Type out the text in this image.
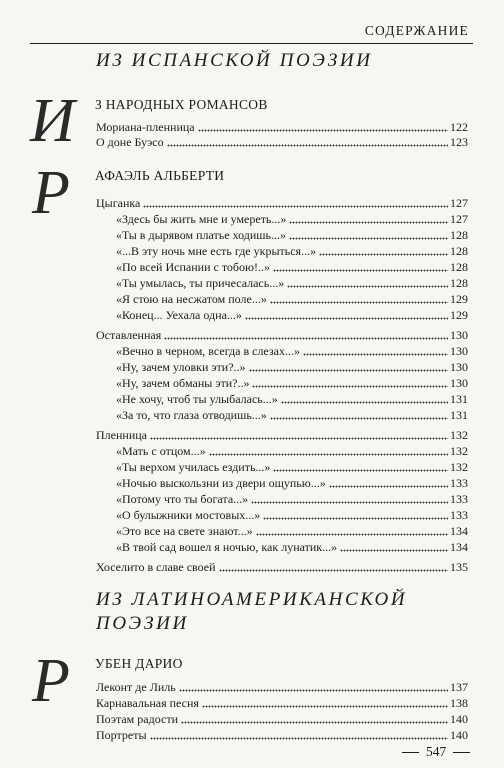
СОДЕРЖАНИЕ
ИЗ ИСПАНСКОЙ ПОЭЗИИ
И З НАРОДНЫХ РОМАНСОВ
Мориана-пленница	122
О доне Буэсо	123
Р АФАЭЛЬ АЛЬБЕРТИ
Цыганка	127
«Здесь бы жить мне и умереть...»	127
«Ты в дырявом платье ходишь...»	128
«...В эту ночь мне есть где укрыться...»	128
«По всей Испании с тобою!..»	128
«Ты умылась, ты причесалась...»	128
«Я стою на несжатом поле...»	129
«Конец... Уехала одна...»	129
Оставленная	130
«Вечно в черном, всегда в слезах...»	130
«Ну, зачем уловки эти?..»	130
«Ну, зачем обманы эти?..»	130
«Не хочу, чтоб ты улыбалась...»	131
«За то, что глаза отводишь...»	131
Пленница	132
«Мать с отцом...»	132
«Ты верхом училась ездить...»	132
«Ночью выскользни из двери ощупью...»	133
«Потому что ты богата...»	133
«О булыжники мостовых...»	133
«Это все на свете знают...»	134
«В твой сад вошел я ночью, как лунатик...»	134
Хоселито в славе своей	135
ИЗ ЛАТИНОАМЕРИКАНСКОЙ
ПОЭЗИИ
Р УБЕН ДАРИО
Леконт де Лиль	137
Карнавальная песня	138
Поэтам радости	140
Портреты	140
547
